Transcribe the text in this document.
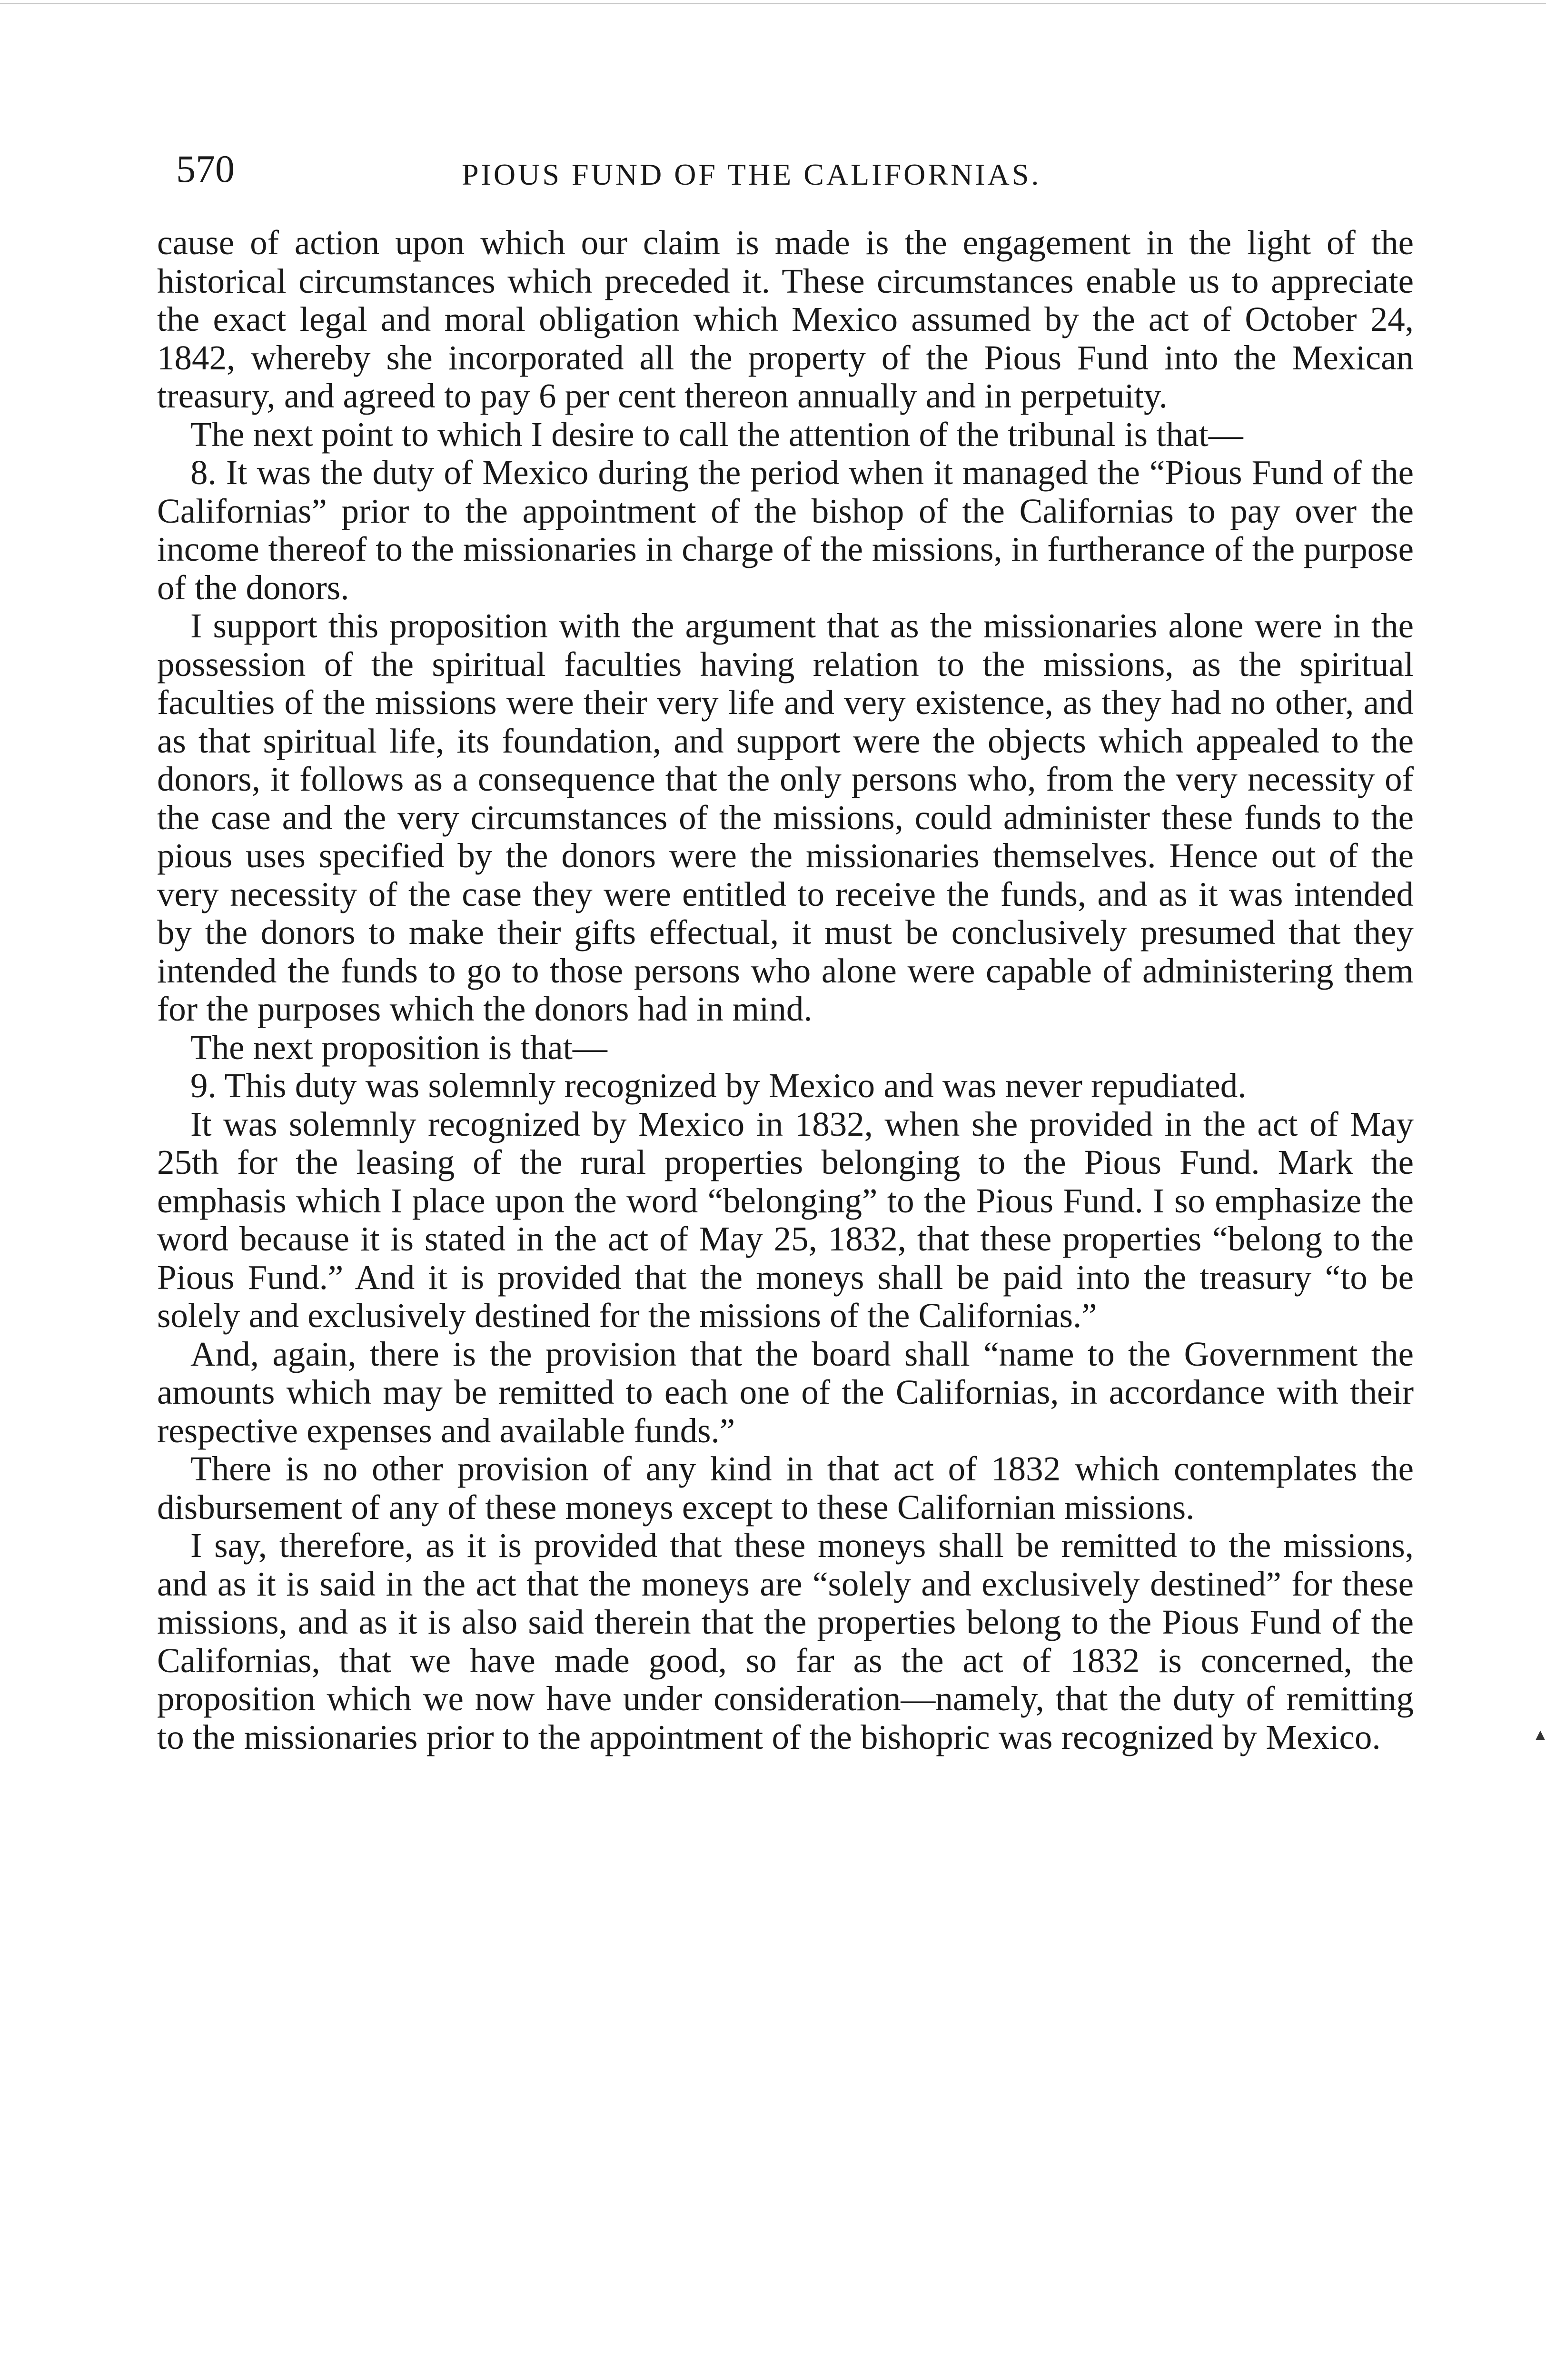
570	PIOUS FUND OF THE CALIFORNIAS.

cause of action upon which our claim is made is the engagement in the light of the historical circumstances which preceded it. These circumstances enable us to appreciate the exact legal and moral obligation which Mexico assumed by the act of October 24, 1842, whereby she incorporated all the property of the Pious Fund into the Mexican treasury, and agreed to pay 6 per cent thereon annually and in perpetuity.

The next point to which I desire to call the attention of the tribunal is that—

8. It was the duty of Mexico during the period when it managed the “Pious Fund of the Californias” prior to the appointment of the bishop of the Californias to pay over the income thereof to the missionaries in charge of the missions, in furtherance of the purpose of the donors.

I support this proposition with the argument that as the missionaries alone were in the possession of the spiritual faculties having relation to the missions, as the spiritual faculties of the missions were their very life and very existence, as they had no other, and as that spiritual life, its foundation, and support were the objects which appealed to the donors, it follows as a consequence that the only persons who, from the very necessity of the case and the very circumstances of the missions, could administer these funds to the pious uses specified by the donors were the missionaries themselves. Hence out of the very necessity of the case they were entitled to receive the funds, and as it was intended by the donors to make their gifts effectual, it must be conclusively presumed that they intended the funds to go to those persons who alone were capable of administering them for the purposes which the donors had in mind.

The next proposition is that—

9. This duty was solemnly recognized by Mexico and was never repudiated.

It was solemnly recognized by Mexico in 1832, when she provided in the act of May 25th for the leasing of the rural properties belonging to the Pious Fund. Mark the emphasis which I place upon the word “belonging” to the Pious Fund. I so emphasize the word because it is stated in the act of May 25, 1832, that these properties “belong to the Pious Fund.” And it is provided that the moneys shall be paid into the treasury “to be solely and exclusively destined for the missions of the Californias.”

And, again, there is the provision that the board shall “name to the Government the amounts which may be remitted to each one of the Californias, in accordance with their respective expenses and available funds.”

There is no other provision of any kind in that act of 1832 which contemplates the disbursement of any of these moneys except to these Californian missions.

I say, therefore, as it is provided that these moneys shall be remitted to the missions, and as it is said in the act that the moneys are “solely and exclusively destined” for these missions, and as it is also said therein that the properties belong to the Pious Fund of the Californias, that we have made good, so far as the act of 1832 is concerned, the proposition which we now have under consideration—namely, that the duty of remitting to the missionaries prior to the appointment of the bishopric was recognized by Mexico.	▴
